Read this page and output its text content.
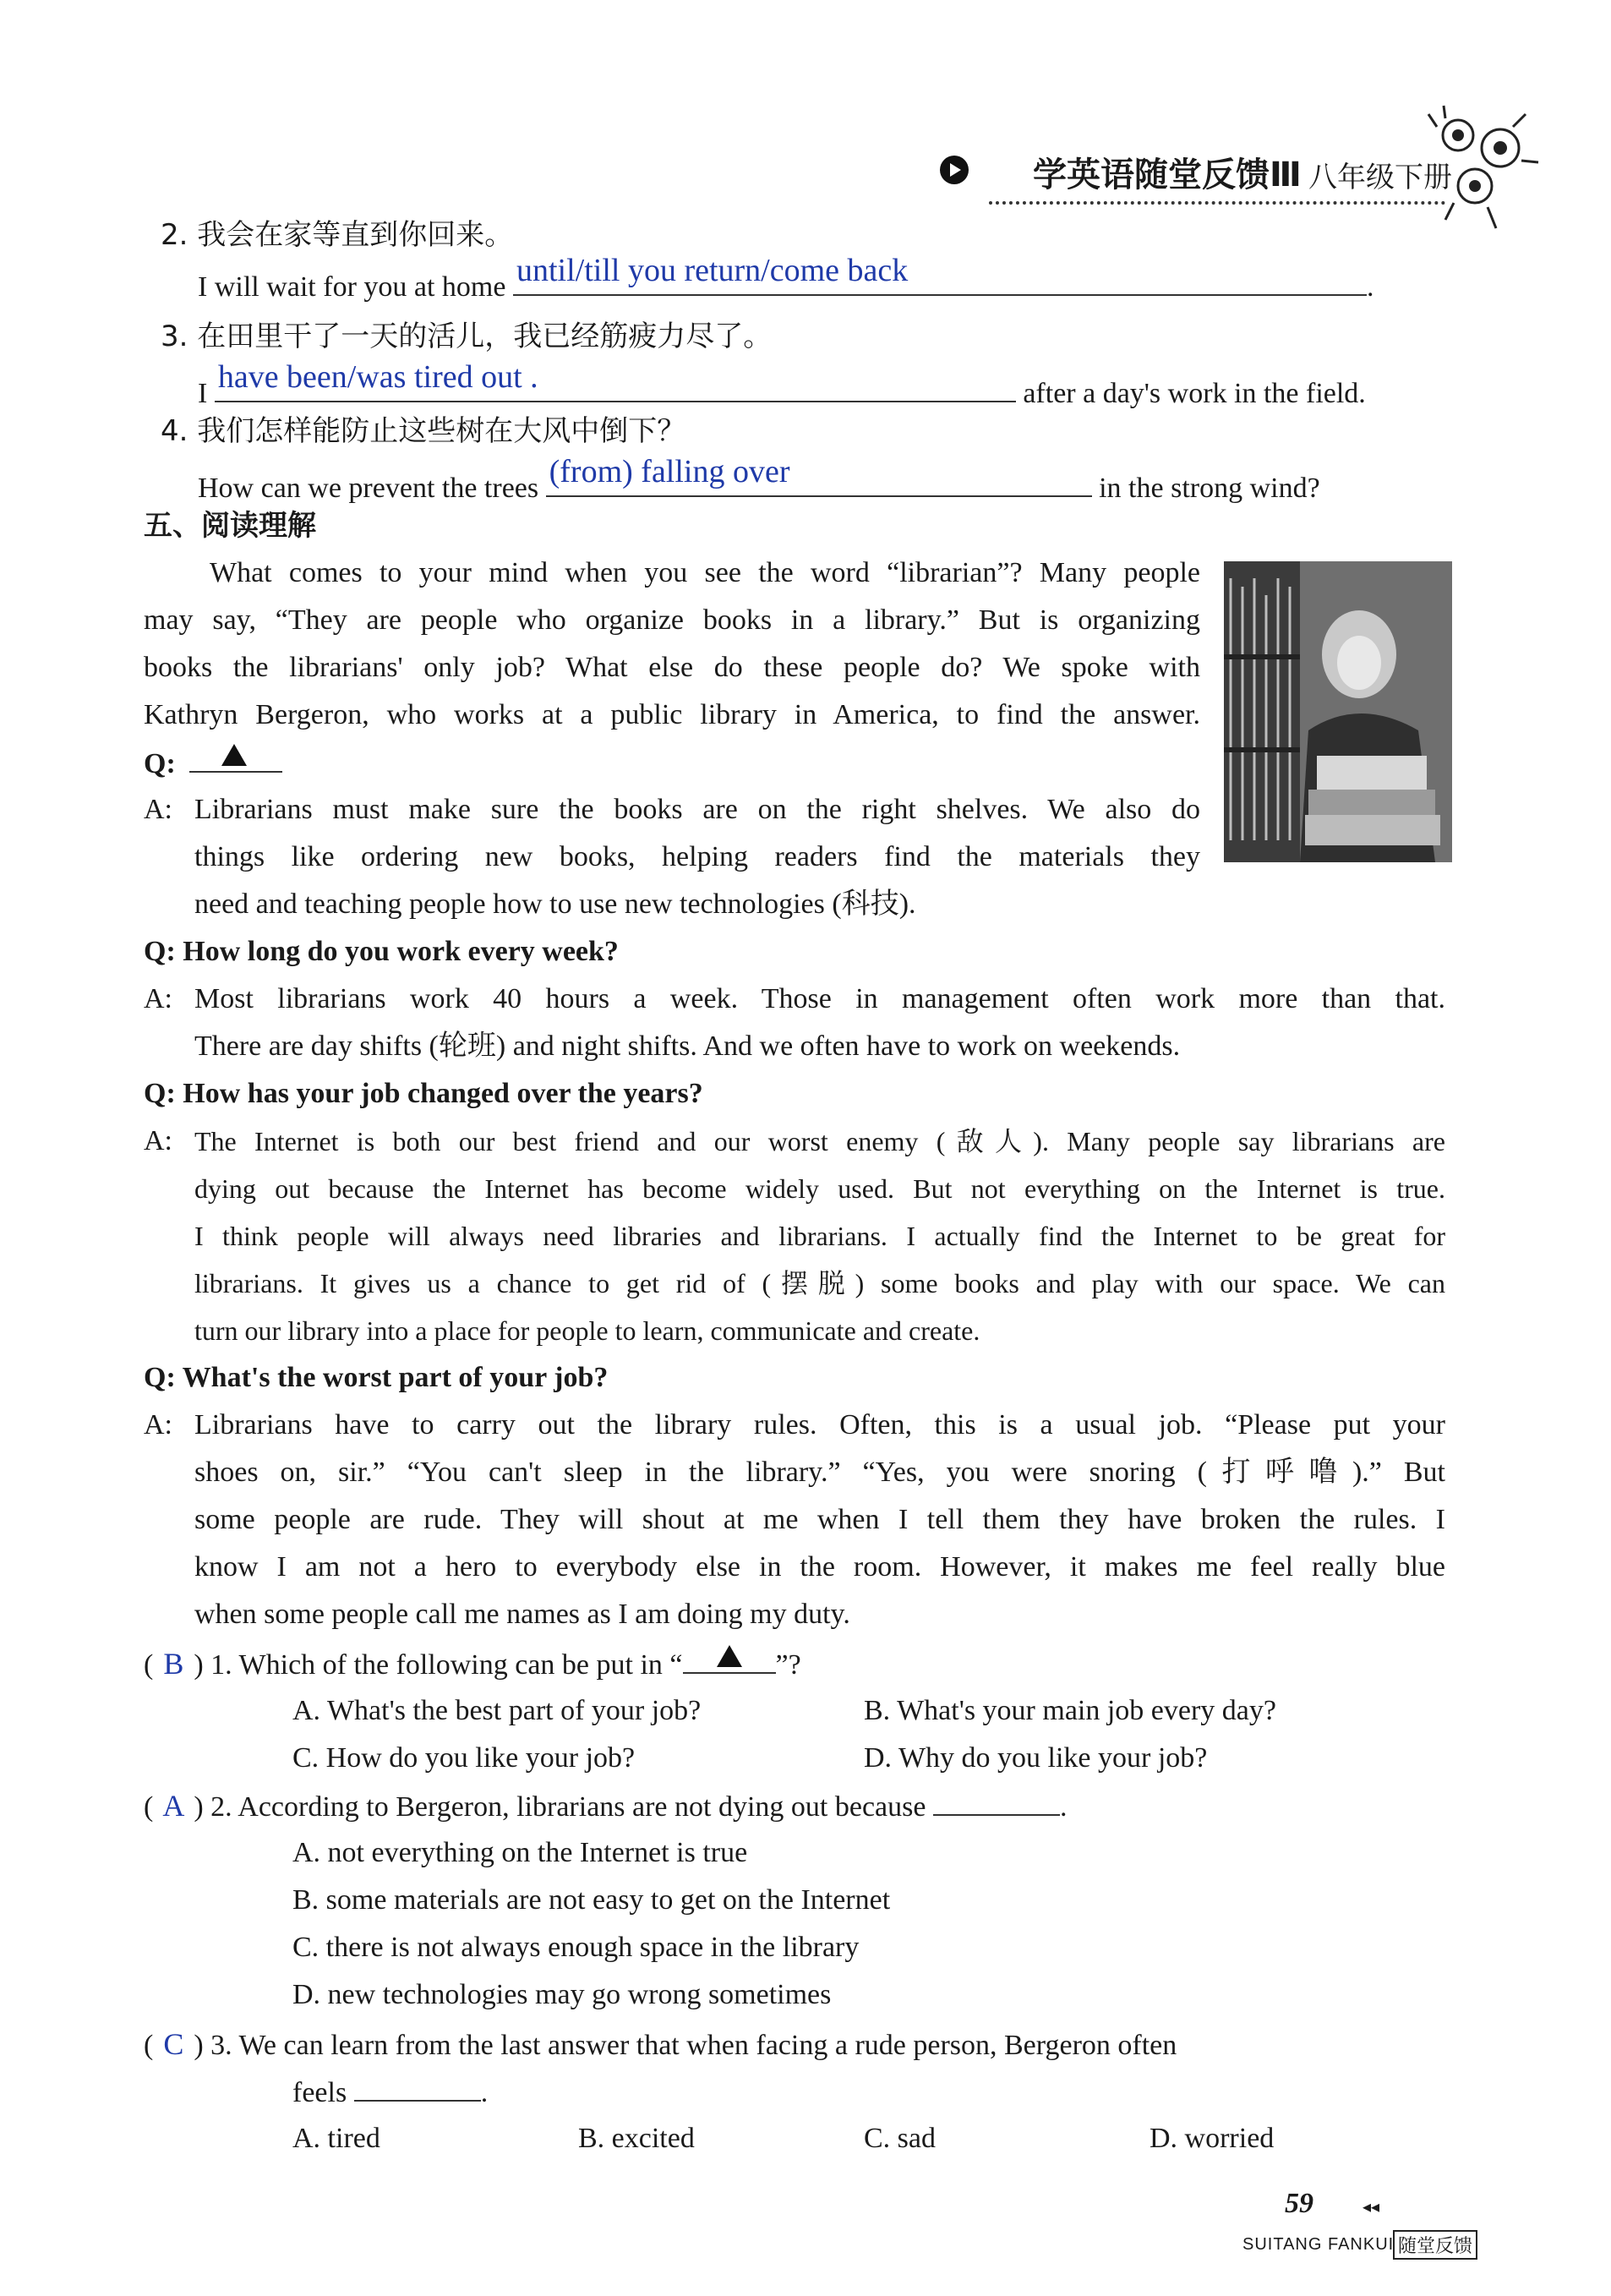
学英语随堂反馈Ⅲ 八年级下册
2. 我会在家等直到你回来。
I will wait for you at home until/till you return/come back	.
3. 在田里干了一天的活儿，我已经筋疲力尽了。
I have been/was tired out .	after a day's work in the field.
4. 我们怎样能防止这些树在大风中倒下？
How can we prevent the trees (from) falling over	in the strong wind?
五、阅读理解
What comes to your mind when you see the word “librarian”? Many people
may say, “They are people who organize books in a library.” But is organizing
books the librarians' only job? What else do these people do? We spoke with
Kathryn Bergeron, who works at a public library in America, to find the answer.
Q:
A: Librarians must make sure the books are on the right shelves. We also do
things like ordering new books, helping readers find the materials they
need and teaching people how to use new technologies (科技).
Q: How long do you work every week?
A: Most librarians work 40 hours a week. Those in management often work more than that.
There are day shifts (轮班) and night shifts. And we often have to work on weekends.
Q: How has your job changed over the years?
A: The Internet is both our best friend and our worst enemy (敌人). Many people say librarians are
dying out because the Internet has become widely used. But not everything on the Internet is true.
I think people will always need libraries and librarians. I actually find the Internet to be great for
librarians. It gives us a chance to get rid of (摆脱) some books and play with our space. We can
turn our library into a place for people to learn, communicate and create.
Q: What's the worst part of your job?
A: Librarians have to carry out the library rules. Often, this is a usual job. “Please put your
shoes on, sir.” “You can't sleep in the library.” “Yes, you were snoring (打呼噜).” But
some people are rude. They will shout at me when I tell them they have broken the rules. I
know I am not a hero to everybody else in the room. However, it makes me feel really blue
when some people call me names as I am doing my duty.
( B ) 1. Which of the following can be put in “	”?
A. What's the best part of your job?	B. What's your main job every day?
C. How do you like your job?	D. Why do you like your job?
( A ) 2. According to Bergeron, librarians are not dying out because	.
A. not everything on the Internet is true
B. some materials are not easy to get on the Internet
C. there is not always enough space in the library
D. new technologies may go wrong sometimes
( C ) 3. We can learn from the last answer that when facing a rude person, Bergeron often
feels	.
A. tired	B. excited	C. sad	D. worried
59	◂◂
SUITANG FANKUI 随堂反馈
